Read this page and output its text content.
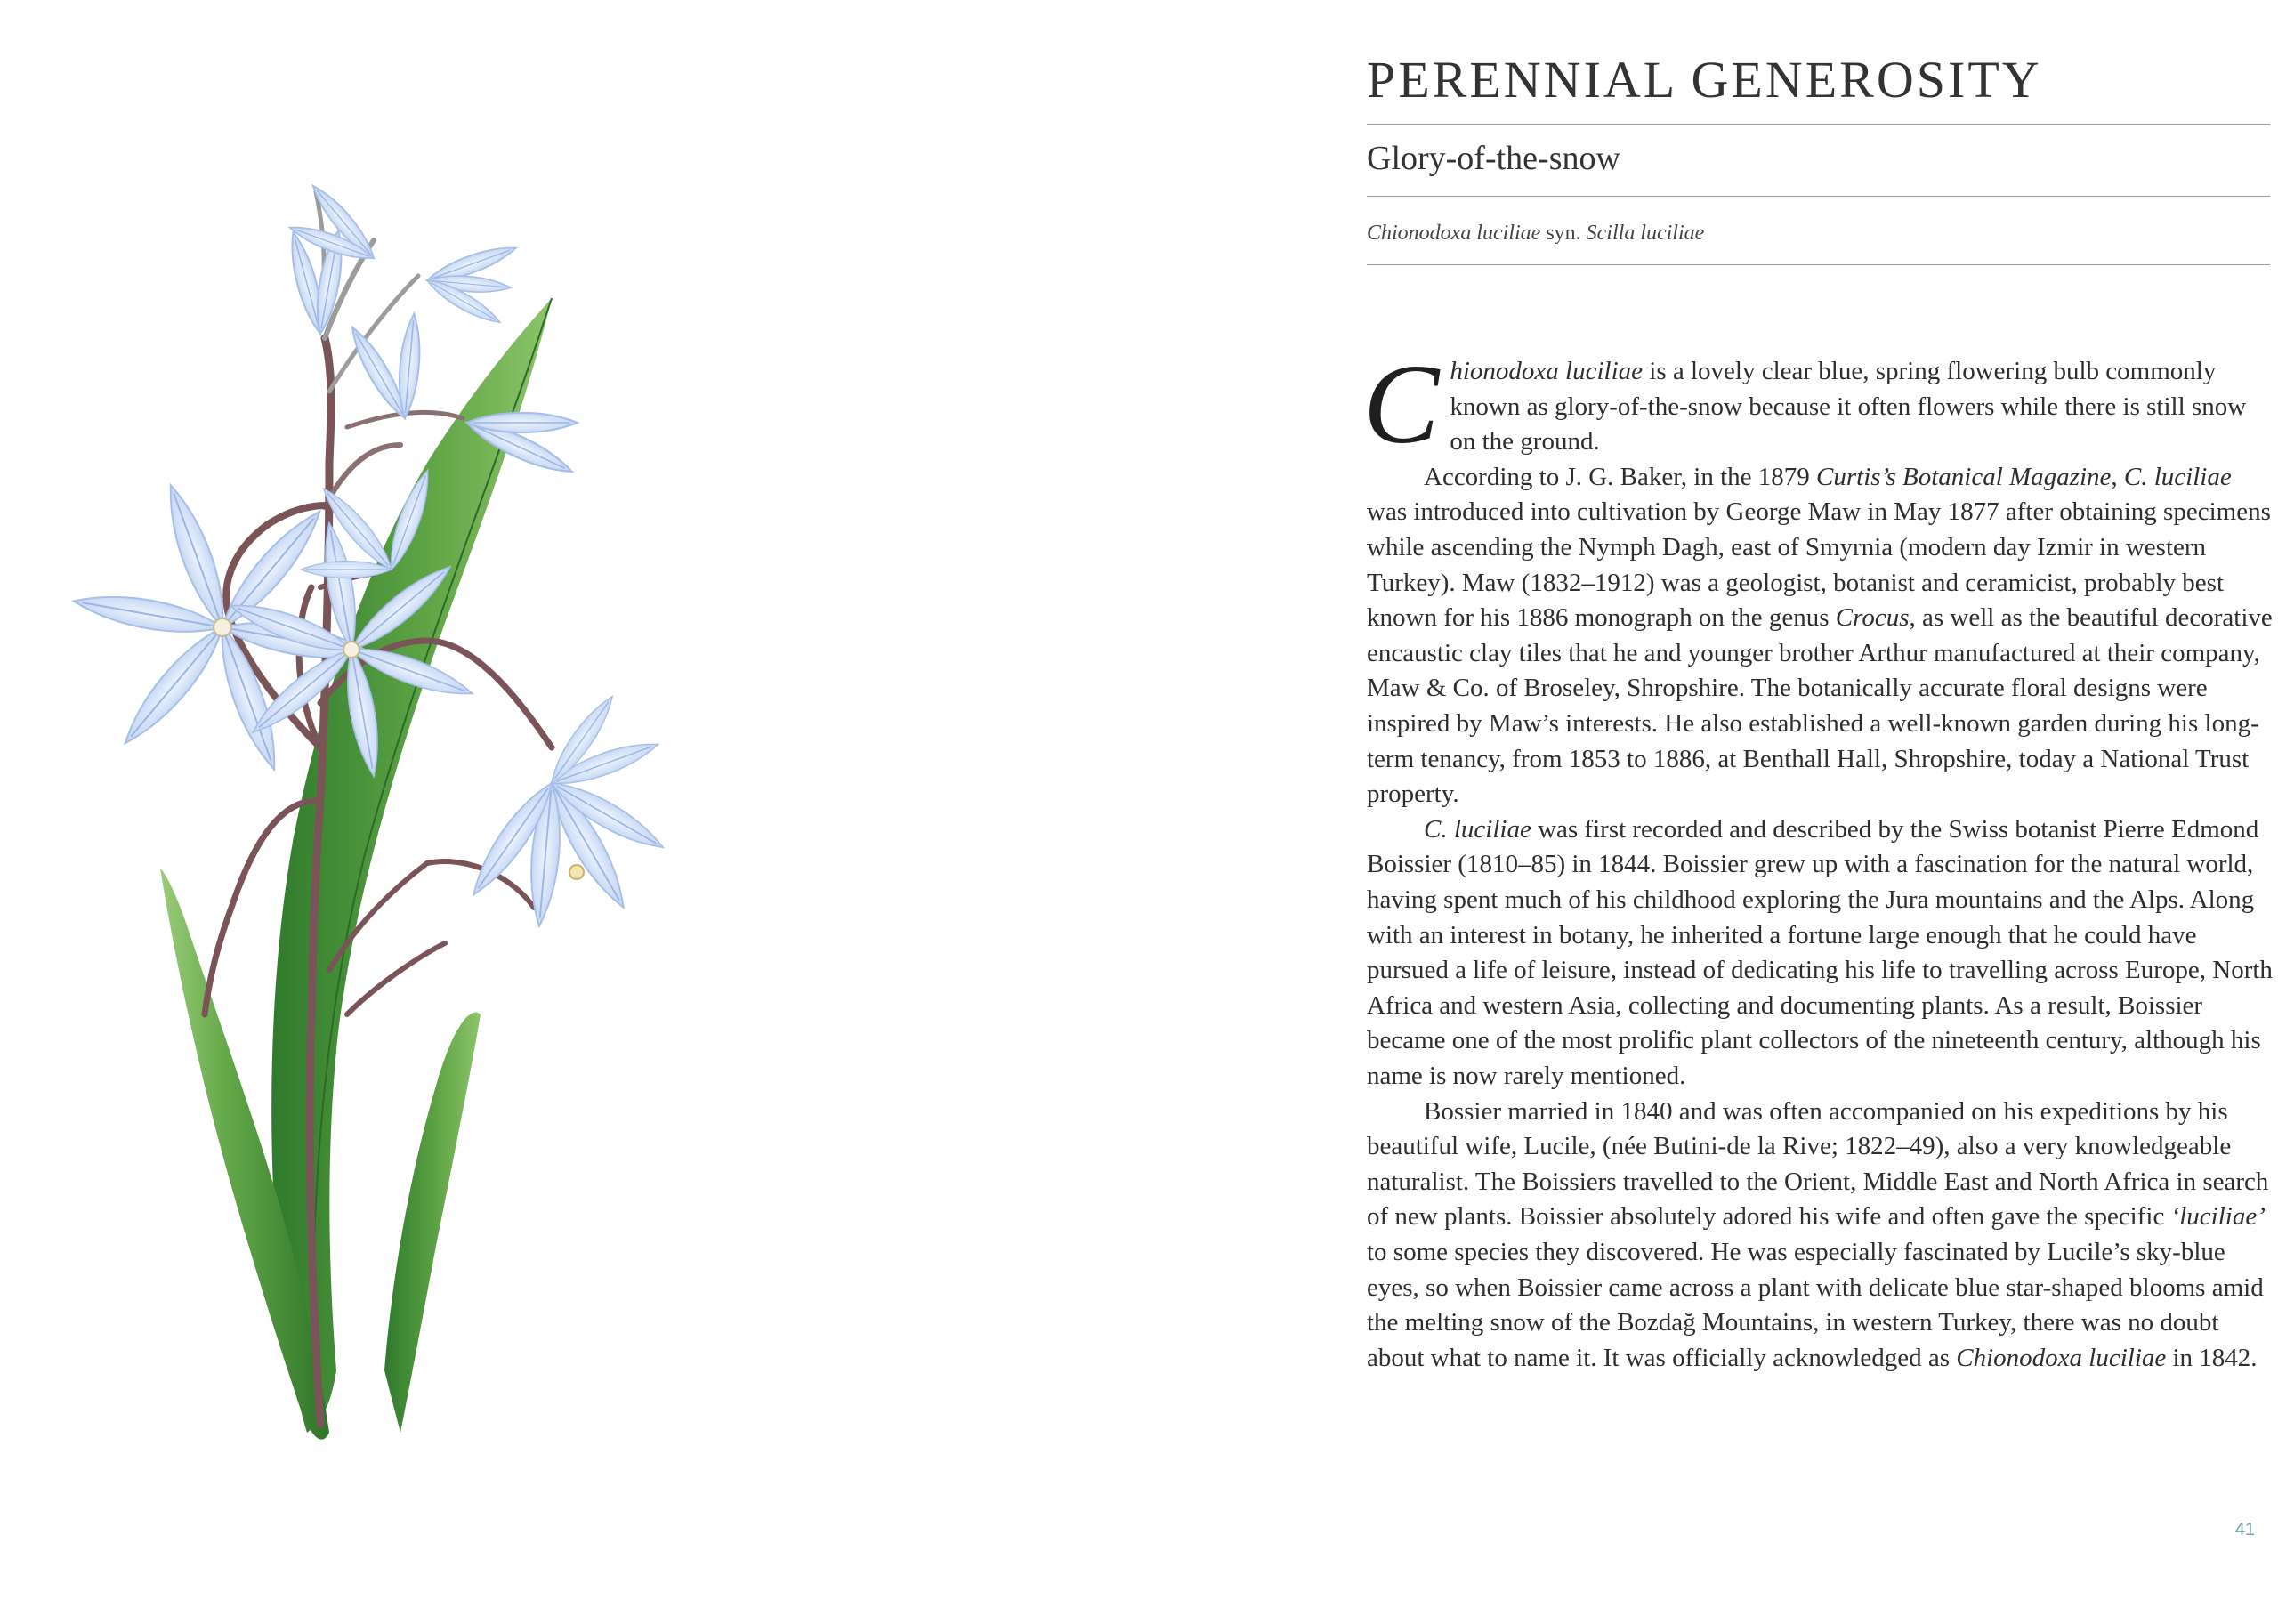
PERENNIAL GENEROSITY
Glory-of-the-snow

Chionodoxa luciliae syn. Scilla luciliae

C hionodoxa luciliae is a lovely clear blue, spring flowering bulb commonly known as glory-of-the-snow because it often flowers while there is still snow on the ground.

According to J. G. Baker, in the 1879 Curtis’s Botanical Magazine, C. luciliae was introduced into cultivation by George Maw in May 1877 after obtaining specimens while ascending the Nymph Dagh, east of Smyrnia (modern day Izmir in western Turkey). Maw (1832–1912) was a geologist, botanist and ceramicist, probably best known for his 1886 monograph on the genus Crocus, as well as the beautiful decorative encaustic clay tiles that he and younger brother Arthur manufactured at their company, Maw & Co. of Broseley, Shropshire. The botanically accurate floral designs were inspired by Maw’s interests. He also established a well-known garden during his long-term tenancy, from 1853 to 1886, at Benthall Hall, Shropshire, today a National Trust property.

C. luciliae was first recorded and described by the Swiss botanist Pierre Edmond Boissier (1810–85) in 1844. Boissier grew up with a fascination for the natural world, having spent much of his childhood exploring the Jura mountains and the Alps. Along with an interest in botany, he inherited a fortune large enough that he could have pursued a life of leisure, instead of dedicating his life to travelling across Europe, North Africa and western Asia, collecting and documenting plants. As a result, Boissier became one of the most prolific plant collectors of the nineteenth century, although his name is now rarely mentioned.

Bossier married in 1840 and was often accompanied on his expeditions by his beautiful wife, Lucile, (née Butini-de la Rive; 1822–49), also a very knowledgeable naturalist. The Boissiers travelled to the Orient, Middle East and North Africa in search of new plants. Boissier absolutely adored his wife and often gave the specific ‘luciliae’ to some species they discovered. He was especially fascinated by Lucile’s sky-blue eyes, so when Boissier came across a plant with delicate blue star-shaped blooms amid the melting snow of the Bozdağ Mountains, in western Turkey, there was no doubt about what to name it. It was officially acknowledged as Chionodoxa luciliae in 1842.

41
